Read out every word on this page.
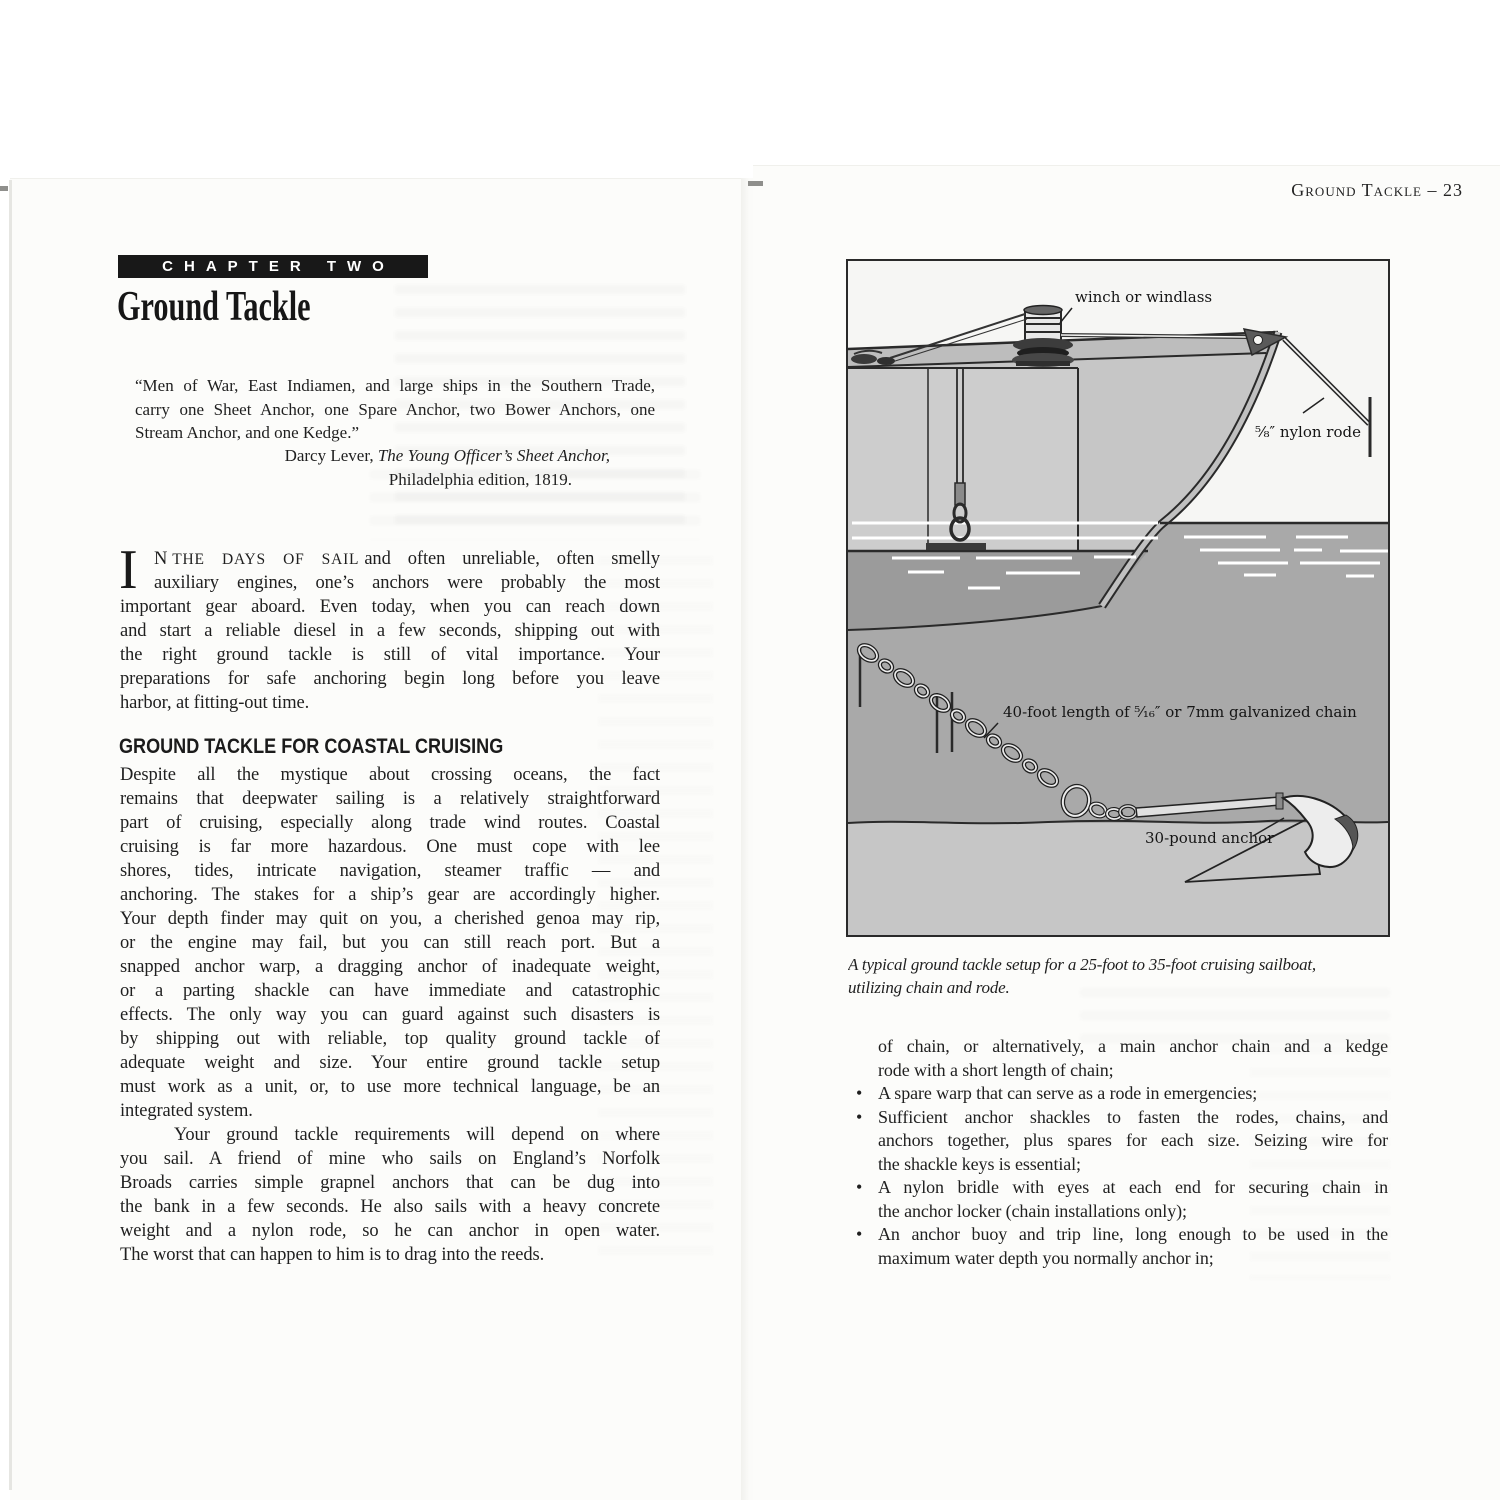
CHAPTER TWO
Ground Tackle
“Men of War, East Indiamen, and large ships in the Southern Trade,
carry one Sheet Anchor, one Spare Anchor, two Bower Anchors, one
Stream Anchor, and one Kedge.”
Darcy Lever, The Young Officer’s Sheet Anchor,
Philadelphia edition, 1819.
I N THE DAYS OF SAIL and often unreliable, often smelly
auxiliary engines, one’s anchors were probably the most
important gear aboard. Even today, when you can reach down
and start a reliable diesel in a few seconds, shipping out with
the right ground tackle is still of vital importance. Your
preparations for safe anchoring begin long before you leave
harbor, at fitting-out time.
GROUND TACKLE FOR COASTAL CRUISING
Despite all the mystique about crossing oceans, the fact
remains that deepwater sailing is a relatively straightforward
part of cruising, especially along trade wind routes. Coastal
cruising is far more hazardous. One must cope with lee
shores, tides, intricate navigation, steamer traffic — and
anchoring. The stakes for a ship’s gear are accordingly higher.
Your depth finder may quit on you, a cherished genoa may rip,
or the engine may fail, but you can still reach port. But a
snapped anchor warp, a dragging anchor of inadequate weight,
or a parting shackle can have immediate and catastrophic
effects. The only way you can guard against such disasters is
by shipping out with reliable, top quality ground tackle of
adequate weight and size. Your entire ground tackle setup
must work as a unit, or, to use more technical language, be an
integrated system.
Your ground tackle requirements will depend on where
you sail. A friend of mine who sails on England’s Norfolk
Broads carries simple grapnel anchors that can be dug into
the bank in a few seconds. He also sails with a heavy concrete
weight and a nylon rode, so he can anchor in open water.
The worst that can happen to him is to drag into the reeds.
Ground Tackle – 23
winch or windlass
⁵⁄₈″ nylon rode
40-foot length of ⁵⁄₁₆″ or 7mm galvanized chain
30-pound anchor
A typical ground tackle setup for a 25-foot to 35-foot cruising sailboat,
utilizing chain and rode.
of chain, or alternatively, a main anchor chain and a kedge
rode with a short length of chain;
• A spare warp that can serve as a rode in emergencies;
• Sufficient anchor shackles to fasten the rodes, chains, and
anchors together, plus spares for each size. Seizing wire for
the shackle keys is essential;
• A nylon bridle with eyes at each end for securing chain in
the anchor locker (chain installations only);
• An anchor buoy and trip line, long enough to be used in the
maximum water depth you normally anchor in;
